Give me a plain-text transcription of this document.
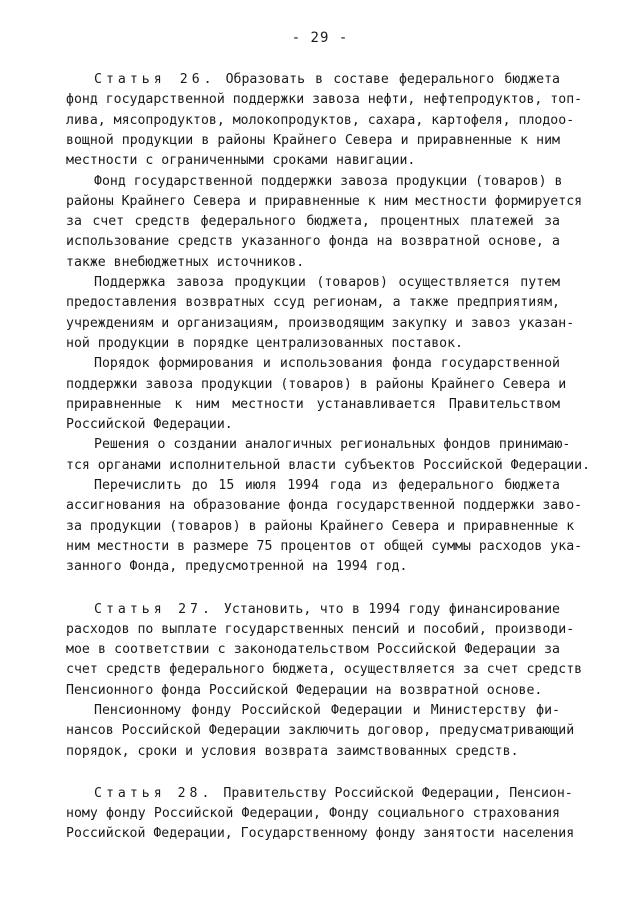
- 29 -
Статья 26. Образовать в составе федерального бюджета
фонд государственной поддержки завоза нефти, нефтепродуктов, топ-
лива, мясопродуктов, молокопродуктов, сахара, картофеля, плодоо-
вощной продукции в районы Крайнего Севера и приравненные к ним
местности с ограниченными сроками навигации.
Фонд государственной поддержки завоза продукции (товаров) в
районы Крайнего Севера и приравненные к ним местности формируется
за счет средств федерального бюджета, процентных платежей за
использование средств указанного фонда на возвратной основе, а
также внебюджетных источников.
Поддержка завоза продукции (товаров) осуществляется путем
предоставления возвратных ссуд регионам, а также предприятиям,
учреждениям и организациям, производящим закупку и завоз указан-
ной продукции в порядке централизованных поставок.
Порядок формирования и использования фонда государственной
поддержки завоза продукции (товаров) в районы Крайнего Севера и
приравненные к ним местности устанавливается Правительством
Российской Федерации.
Решения о создании аналогичных региональных фондов принимаю-
тся органами исполнительной власти субъектов Российской Федерации.
Перечислить до 15 июля 1994 года из федерального бюджета
ассигнования на образование фонда государственной поддержки заво-
за продукции (товаров) в районы Крайнего Севера и приравненные к
ним местности в размере 75 процентов от общей суммы расходов ука-
занного Фонда, предусмотренной на 1994 год.
Статья 27. Установить, что в 1994 году финансирование
расходов по выплате государственных пенсий и пособий, производи-
мое в соответствии с законодательством Российской Федерации за
счет средств федерального бюджета, осуществляется за счет средств
Пенсионного фонда Российской Федерации на возвратной основе.
Пенсионному фонду Российской Федерации и Министерству фи-
нансов Российской Федерации заключить договор, предусматривающий
порядок, сроки и условия возврата заимствованных средств.
Статья 28. Правительству Российской Федерации, Пенсион-
ному фонду Российской Федерации, Фонду социального страхования
Российской Федерации, Государственному фонду занятости населения
